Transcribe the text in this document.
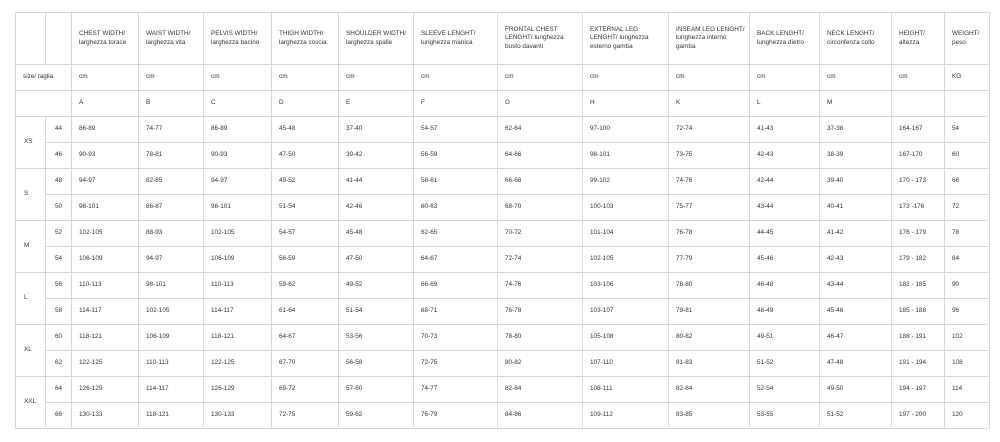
		CHEST WIDTH/ larghezza torace	WAIST WIDTH/ larghezza vita	PELVIS WIDTH/ larghezza bacino	THIGH WIDTH/ larghezza coscia	SHOULDER WIDTH/ larghezza spalle	SLEEVE LENGHT/ lunghezza manica	FRONTAL CHEST LENGHT/ lunghezza busto davanti	EXTERNAL LEG LENGHT/ lunghezza esterno gamba	INSEAM LEG LENGHT/ lunghezza interno gamba	BACK LENGHT/ lunghezza dietro	NECK LENGHT/ circonfenza collo	HEIGHT/ altezza	WEIGHT/ peso
size/ taglia		cm	cm	cm	cm	cm	cm	cm	cm	cm	cm	cm	cm	KG
		A	B	C	D	E	F	G	H	K	L	M		
XS	44	86-89	74-77	86-89	45-48	37-40	54-57	62-64	97-100	72-74	41-43	37-38	164-167	54
	46	90-93	78-81	90-93	47-50	39-42	56-59	64-66	98-101	73-75	42-43	38-39	167-170	60
S	48	94-97	82-85	94-97	49-52	41-44	58-61	66-68	99-102	74-76	42-44	39-40	170 - 173	66
	50	98-101	86-87	98-101	51-54	42-46	60-63	68-70	100-103	75-77	43-44	40-41	173 -176	72
M	52	102-105	88-93	102-105	54-57	45-48	62-65	70-72	101-104	76-78	44-45	41-42	176 - 179	78
	54	106-109	94-97	106-109	56-59	47-50	64-67	72-74	102-105	77-79	45-46	42-43	179 - 182	84
L	56	110-113	98-101	110-113	59-62	49-52	66-69	74-76	103-106	78-80	46-48	43-44	182 - 185	90
	58	114-117	102-105	114-117	61-64	51-54	68-71	76-78	103-107	79-81	48-49	45-46	185 - 188	96
XL	60	118-121	106-109	118-121	64-67	53-56	70-73	78-80	105-108	80-82	49-51	46-47	188 - 191	102
	62	122-125	110-113	122-125	67-70	56-58	72-75	80-82	107-110	81-83	51-52	47-48	191 - 194	108
XXL	64	126-129	114-117	126-129	69-72	57-60	74-77	82-84	108-111	82-84	52-54	49-50	194 - 197	114
	66	130-133	118-121	130-133	72-75	59-62	76-79	84-86	109-112	83-85	53-55	51-52	197 - 200	120
